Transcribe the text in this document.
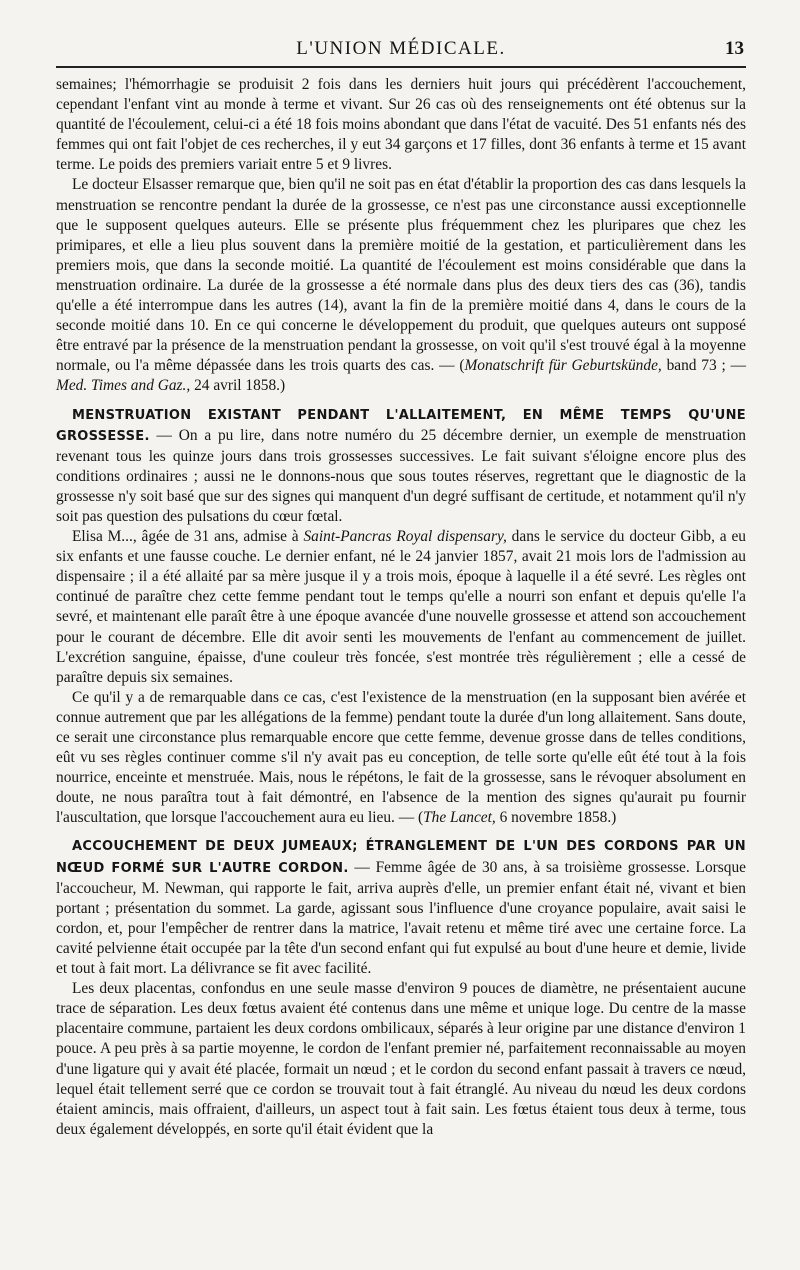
L'UNION MÉDICALE.	13

semaines; l'hémorrhagie se produisit 2 fois dans les derniers huit jours qui précédèrent l'accouchement, cependant l'enfant vint au monde à terme et vivant. Sur 26 cas où des renseignements ont été obtenus sur la quantité de l'écoulement, celui-ci a été 18 fois moins abondant que dans l'état de vacuité. Des 51 enfants nés des femmes qui ont fait l'objet de ces recherches, il y eut 34 garçons et 17 filles, dont 36 enfants à terme et 15 avant terme. Le poids des premiers variait entre 5 et 9 livres.

Le docteur Elsasser remarque que, bien qu'il ne soit pas en état d'établir la proportion des cas dans lesquels la menstruation se rencontre pendant la durée de la grossesse, ce n'est pas une circonstance aussi exceptionnelle que le supposent quelques auteurs. Elle se présente plus fréquemment chez les pluripares que chez les primipares, et elle a lieu plus souvent dans la première moitié de la gestation, et particulièrement dans les premiers mois, que dans la seconde moitié. La quantité de l'écoulement est moins considérable que dans la menstruation ordinaire. La durée de la grossesse a été normale dans plus des deux tiers des cas (36), tandis qu'elle a été interrompue dans les autres (14), avant la fin de la première moitié dans 4, dans le cours de la seconde moitié dans 10. En ce qui concerne le développement du produit, que quelques auteurs ont supposé être entravé par la présence de la menstruation pendant la grossesse, on voit qu'il s'est trouvé égal à la moyenne normale, ou l'a même dépassée dans les trois quarts des cas. — (Monatschrift für Geburtskünde, band 73 ; — Med. Times and Gaz., 24 avril 1858.)

MENSTRUATION EXISTANT PENDANT L'ALLAITEMENT, EN MÊME TEMPS QU'UNE GROSSESSE. — On a pu lire, dans notre numéro du 25 décembre dernier, un exemple de menstruation revenant tous les quinze jours dans trois grossesses successives. Le fait suivant s'éloigne encore plus des conditions ordinaires ; aussi ne le donnons-nous que sous toutes réserves, regrettant que le diagnostic de la grossesse n'y soit basé que sur des signes qui manquent d'un degré suffisant de certitude, et notamment qu'il n'y soit pas question des pulsations du cœur fœtal.

Elisa M..., âgée de 31 ans, admise à Saint-Pancras Royal dispensary, dans le service du docteur Gibb, a eu six enfants et une fausse couche. Le dernier enfant, né le 24 janvier 1857, avait 21 mois lors de l'admission au dispensaire ; il a été allaité par sa mère jusque il y a trois mois, époque à laquelle il a été sevré. Les règles ont continué de paraître chez cette femme pendant tout le temps qu'elle a nourri son enfant et depuis qu'elle l'a sevré, et maintenant elle paraît être à une époque avancée d'une nouvelle grossesse et attend son accouchement pour le courant de décembre. Elle dit avoir senti les mouvements de l'enfant au commencement de juillet. L'excrétion sanguine, épaisse, d'une couleur très foncée, s'est montrée très régulièrement ; elle a cessé de paraître depuis six semaines.

Ce qu'il y a de remarquable dans ce cas, c'est l'existence de la menstruation (en la supposant bien avérée et connue autrement que par les allégations de la femme) pendant toute la durée d'un long allaitement. Sans doute, ce serait une circonstance plus remarquable encore que cette femme, devenue grosse dans de telles conditions, eût vu ses règles continuer comme s'il n'y avait pas eu conception, de telle sorte qu'elle eût été tout à la fois nourrice, enceinte et menstruée. Mais, nous le répétons, le fait de la grossesse, sans le révoquer absolument en doute, ne nous paraîtra tout à fait démontré, en l'absence de la mention des signes qu'aurait pu fournir l'auscultation, que lorsque l'accouchement aura eu lieu. — (The Lancet, 6 novembre 1858.)

ACCOUCHEMENT DE DEUX JUMEAUX; ÉTRANGLEMENT DE L'UN DES CORDONS PAR UN NŒUD FORMÉ SUR L'AUTRE CORDON. — Femme âgée de 30 ans, à sa troisième grossesse. Lorsque l'accoucheur, M. Newman, qui rapporte le fait, arriva auprès d'elle, un premier enfant était né, vivant et bien portant ; présentation du sommet. La garde, agissant sous l'influence d'une croyance populaire, avait saisi le cordon, et, pour l'empêcher de rentrer dans la matrice, l'avait retenu et même tiré avec une certaine force. La cavité pelvienne était occupée par la tête d'un second enfant qui fut expulsé au bout d'une heure et demie, livide et tout à fait mort. La délivrance se fit avec facilité.

Les deux placentas, confondus en une seule masse d'environ 9 pouces de diamètre, ne présentaient aucune trace de séparation. Les deux fœtus avaient été contenus dans une même et unique loge. Du centre de la masse placentaire commune, partaient les deux cordons ombilicaux, séparés à leur origine par une distance d'environ 1 pouce. A peu près à sa partie moyenne, le cordon de l'enfant premier né, parfaitement reconnaissable au moyen d'une ligature qui y avait été placée, formait un nœud ; et le cordon du second enfant passait à travers ce nœud, lequel était tellement serré que ce cordon se trouvait tout à fait étranglé. Au niveau du nœud les deux cordons étaient amincis, mais offraient, d'ailleurs, un aspect tout à fait sain. Les fœtus étaient tous deux à terme, tous deux également développés, en sorte qu'il était évident que la
